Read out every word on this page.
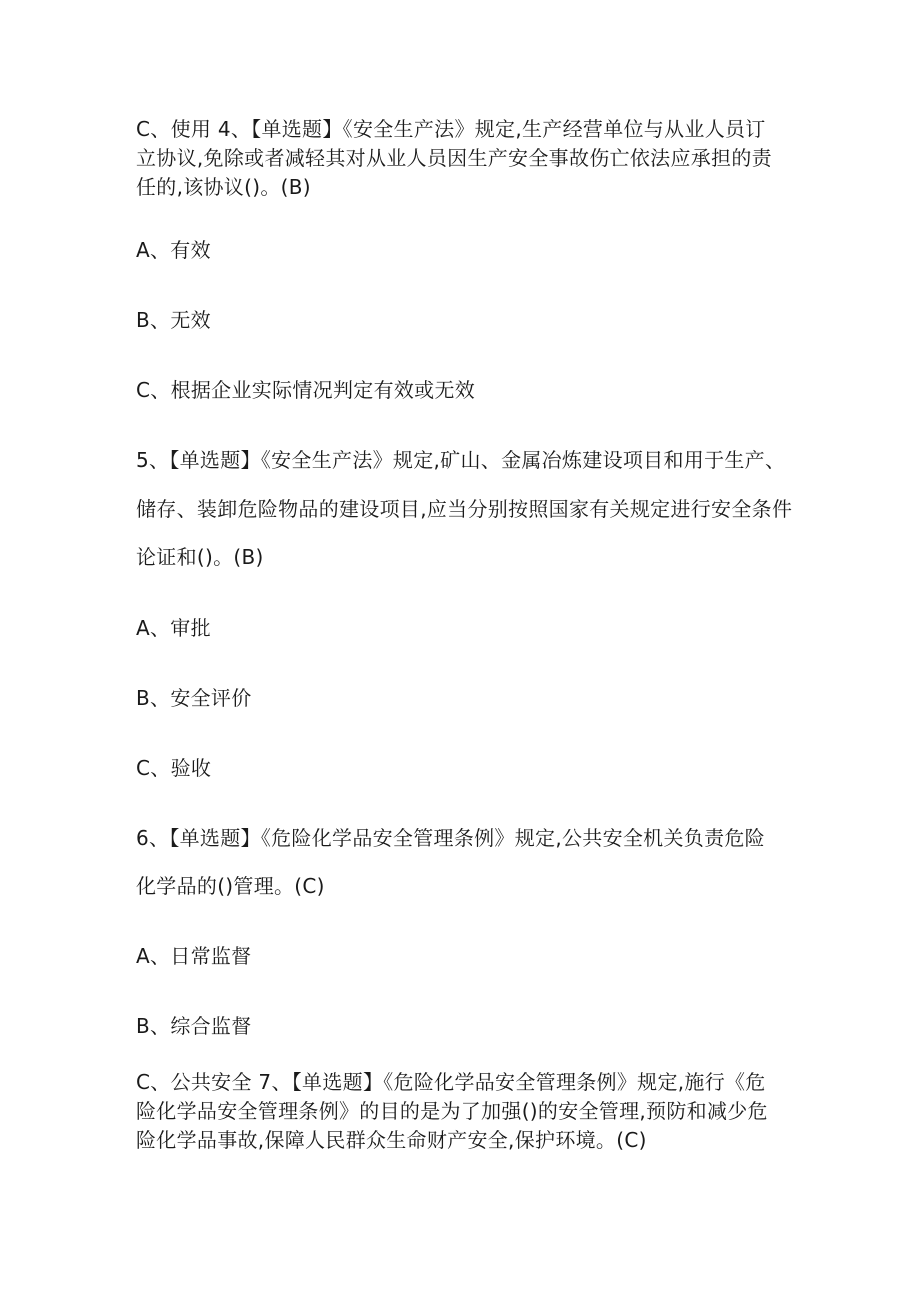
C、使用 4、【单选题】《安全生产法》规定,生产经营单位与从业人员订
立协议,免除或者减轻其对从业人员因生产安全事故伤亡依法应承担的责
任的,该协议()。(B)
A、有效
B、无效
C、根据企业实际情况判定有效或无效
5、【单选题】《安全生产法》规定,矿山、金属冶炼建设项目和用于生产、
储存、装卸危险物品的建设项目,应当分别按照国家有关规定进行安全条件
论证和()。(B)
A、审批
B、安全评价
C、验收
6、【单选题】《危险化学品安全管理条例》规定,公共安全机关负责危险
化学品的()管理。(C)
A、日常监督
B、综合监督
C、公共安全 7、【单选题】《危险化学品安全管理条例》规定,施行《危
险化学品安全管理条例》的目的是为了加强()的安全管理,预防和减少危
险化学品事故,保障人民群众生命财产安全,保护环境。(C)
